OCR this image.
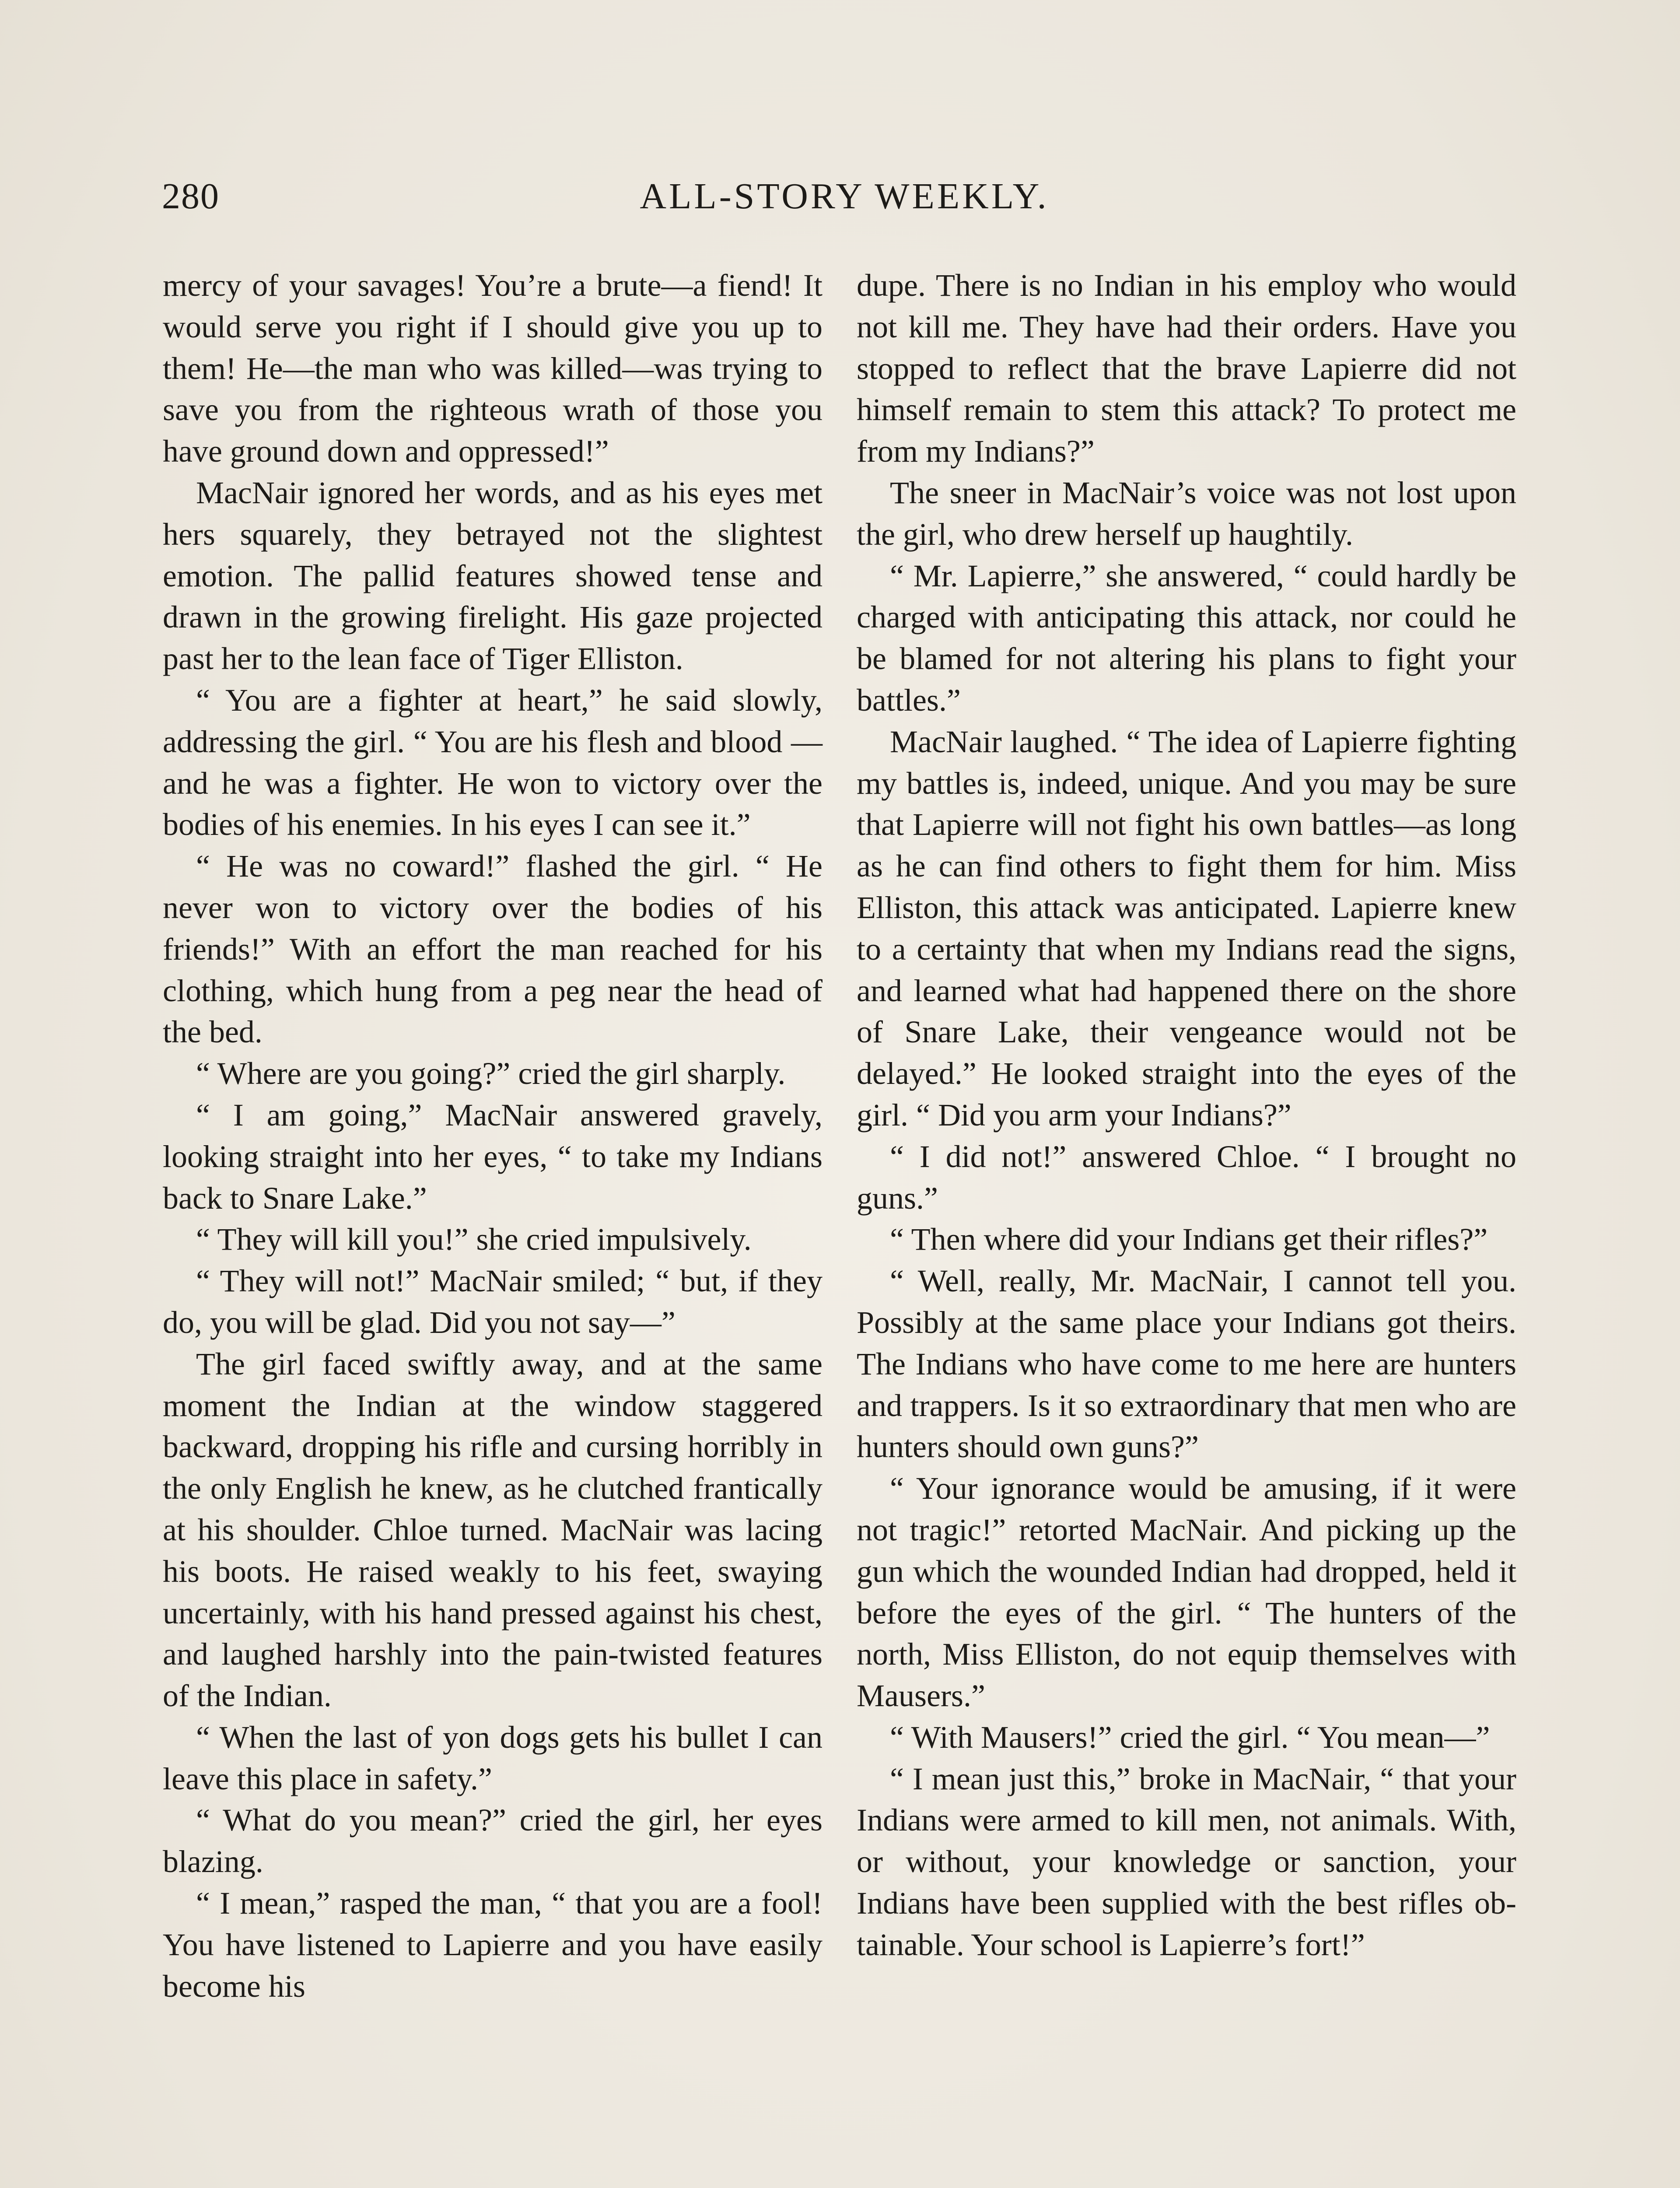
280	ALL-STORY WEEKLY.

mercy of your savages! You’re a brute—a fiend! It would serve you right if I should give you up to them! He—the man who was killed—was trying to save you from the righteous wrath of those you have ground down and oppressed!”

MacNair ignored her words, and as his eyes met hers squarely, they betrayed not the slightest emotion. The pallid features showed tense and drawn in the growing firelight. His gaze projected past her to the lean face of Tiger Elliston.

“ You are a fighter at heart,” he said slowly, addressing the girl. “ You are his flesh and blood — and he was a fighter. He won to victory over the bodies of his enemies. In his eyes I can see it.”

“ He was no coward!” flashed the girl. “ He never won to victory over the bodies of his friends!” With an effort the man reached for his clothing, which hung from a peg near the head of the bed.

“ Where are you going?” cried the girl sharply.

“ I am going,” MacNair answered gravely, looking straight into her eyes, “ to take my Indians back to Snare Lake.”

“ They will kill you!” she cried impulsively.

“ They will not!” MacNair smiled; “ but, if they do, you will be glad. Did you not say—”

The girl faced swiftly away, and at the same moment the Indian at the window staggered backward, dropping his rifle and cursing horribly in the only English he knew, as he clutched frantically at his shoulder. Chloe turned. MacNair was lacing his boots. He raised weakly to his feet, swaying uncertainly, with his hand pressed against his chest, and laughed harshly into the pain-twisted features of the Indian.

“ When the last of yon dogs gets his bullet I can leave this place in safety.”

“ What do you mean?” cried the girl, her eyes blazing.

“ I mean,” rasped the man, “ that you are a fool! You have listened to Lapierre and you have easily become his

dupe. There is no Indian in his employ who would not kill me. They have had their orders. Have you stopped to reflect that the brave Lapierre did not himself remain to stem this attack? To protect me from my Indians?”

The sneer in MacNair’s voice was not lost upon the girl, who drew herself up haughtily.

“ Mr. Lapierre,” she answered, “ could hardly be charged with anticipating this attack, nor could he be blamed for not altering his plans to fight your battles.”

MacNair laughed. “ The idea of Lapierre fighting my battles is, indeed, unique. And you may be sure that Lapierre will not fight his own battles—as long as he can find others to fight them for him. Miss Elliston, this attack was anticipated. Lapierre knew to a certainty that when my Indians read the signs, and learned what had happened there on the shore of Snare Lake, their vengeance would not be delayed.” He looked straight into the eyes of the girl. “ Did you arm your Indians?”

“ I did not!” answered Chloe. “ I brought no guns.”

“ Then where did your Indians get their rifles?”

“ Well, really, Mr. MacNair, I cannot tell you. Possibly at the same place your Indians got theirs. The Indians who have come to me here are hunters and trappers. Is it so extraordinary that men who are hunters should own guns?”

“ Your ignorance would be amusing, if it were not tragic!” retorted MacNair. And picking up the gun which the wounded Indian had dropped, held it before the eyes of the girl. “ The hunters of the north, Miss Elliston, do not equip themselves with Mausers.”

“ With Mausers!” cried the girl. “ You mean—”

“ I mean just this,” broke in MacNair, “ that your Indians were armed to kill men, not animals. With, or without, your knowledge or sanction, your Indians have been supplied with the best rifles obtainable. Your school is Lapierre’s fort!”
